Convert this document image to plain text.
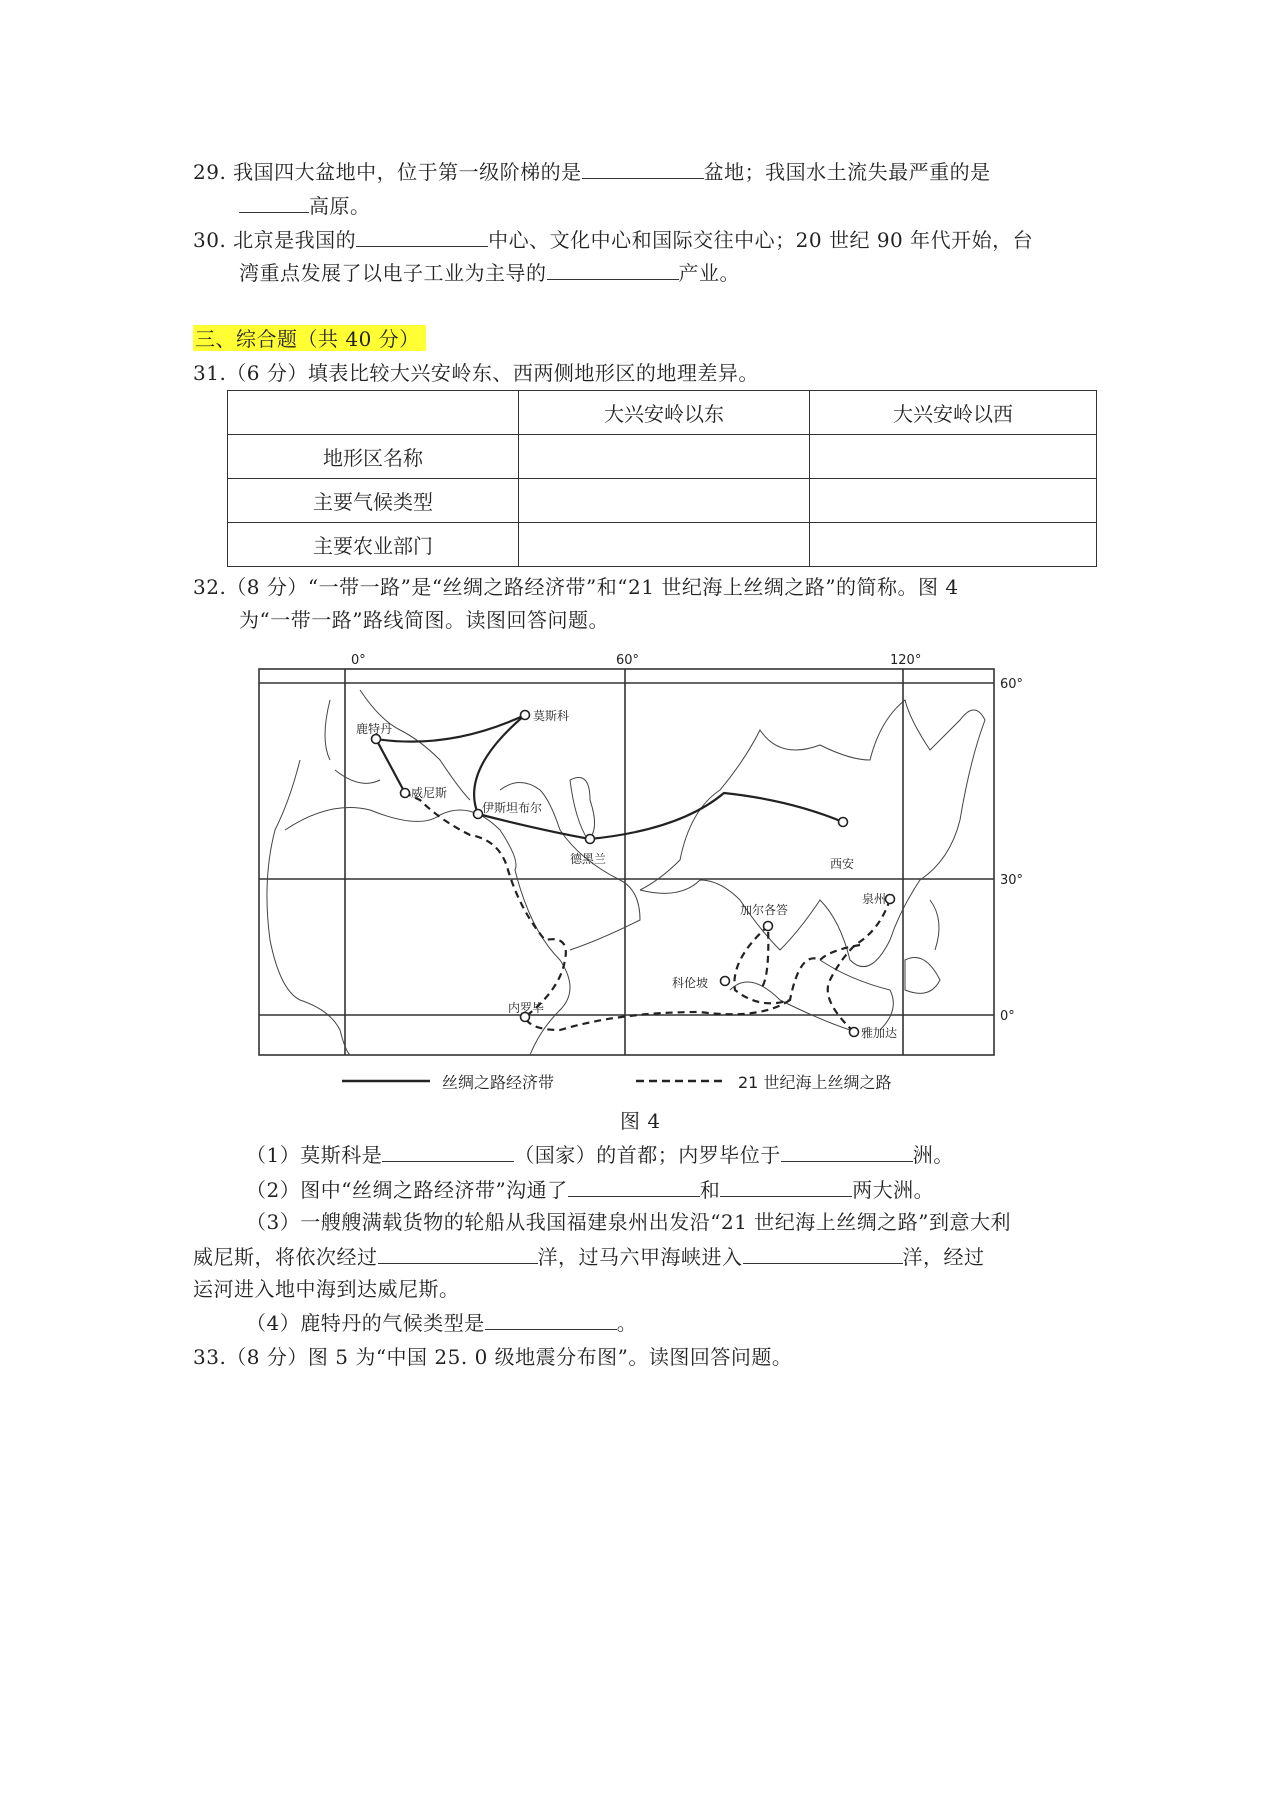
29. 我国四大盆地中，位于第一级阶梯的是	盆地；我国水土流失最严重的是
高原。
30. 北京是我国的	中心、文化中心和国际交往中心；20 世纪 90 年代开始，台
湾重点发展了以电子工业为主导的	产业。
三、综合题（共 40 分）
31.（6 分）填表比较大兴安岭东、西两侧地形区的地理差异。
	大兴安岭以东	大兴安岭以西
地形区名称		
主要气候类型		
主要农业部门		
32.（8 分）“一带一路”是“丝绸之路经济带”和“21 世纪海上丝绸之路”的简称。图 4
为“一带一路”路线简图。读图回答问题。
0°	60°	120°
60°
30°
0°
鹿特丹
莫斯科
威尼斯
伊斯坦布尔
德黑兰	西安
泉州
加尔各答
科伦坡
内罗毕
雅加达
丝绸之路经济带	21 世纪海上丝绸之路
图 4
（1）莫斯科是	（国家）的首都；内罗毕位于	洲。
（2）图中“丝绸之路经济带”沟通了	和	两大洲。
（3）一艘艘满载货物的轮船从我国福建泉州出发沿“21 世纪海上丝绸之路”到意大利
威尼斯，将依次经过	洋，过马六甲海峡进入	洋，经过
运河进入地中海到达威尼斯。
（4）鹿特丹的气候类型是	。
33.（8 分）图 5 为“中国 25. 0 级地震分布图”。读图回答问题。
